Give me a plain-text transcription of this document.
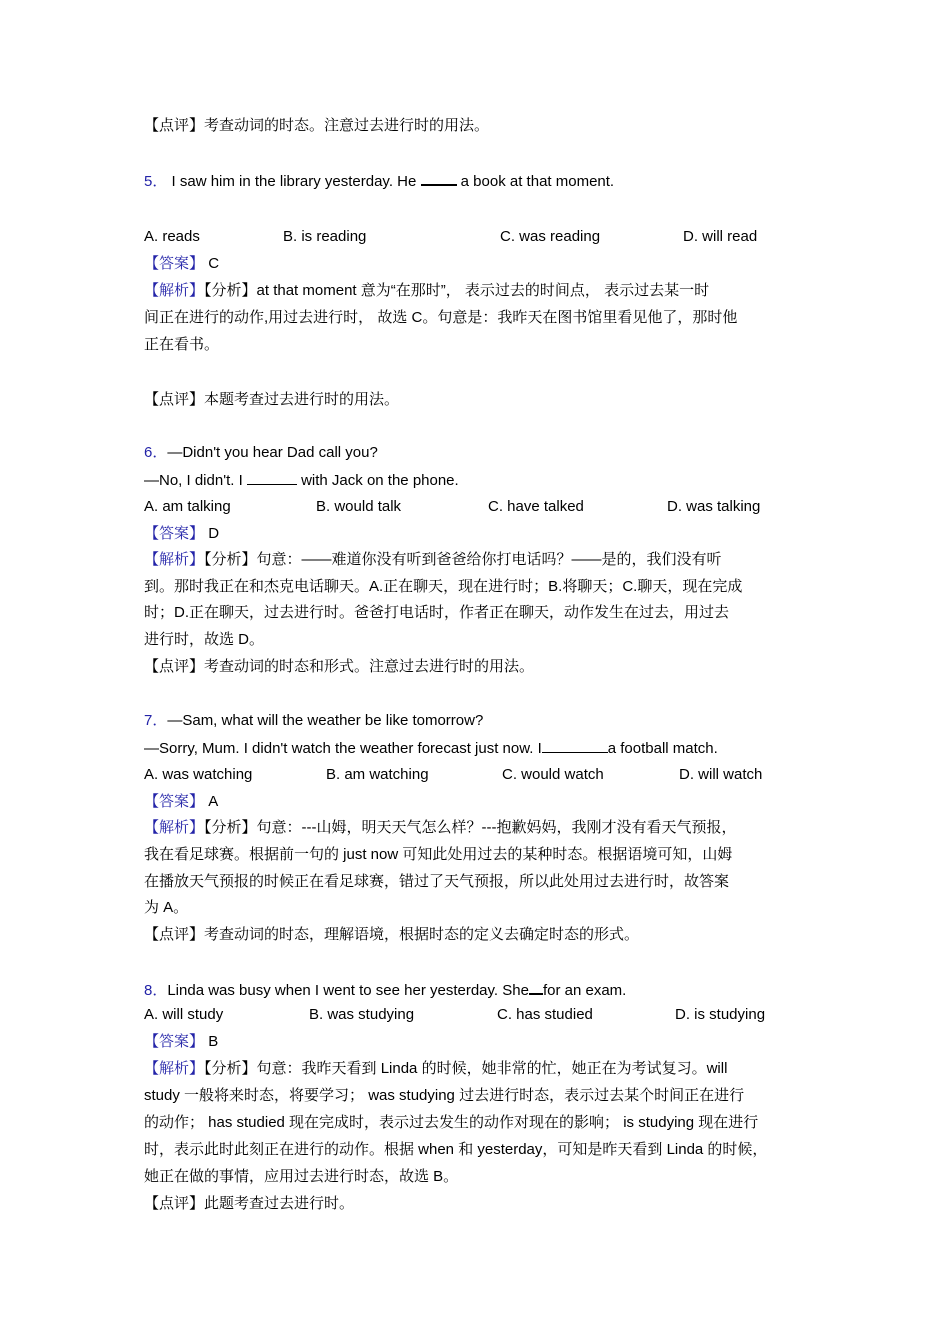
【点评】考查动词的时态。注意过去进行时的用法。
5． I saw him in the library yesterday. He	a book at that moment.
A. reads	B. is reading	C. was reading	D. will read
【答案】 C
【解析】【分析】at that moment 意为“在那时”， 表示过去的时间点， 表示过去某一时
间正在进行的动作,用过去进行时， 故选 C。句意是：我昨天在图书馆里看见他了，那时他
正在看书。
【点评】本题考查过去进行时的用法。
6．—Didn't you hear Dad call you?
—No, I didn't. I	with Jack on the phone.
A. am talking	B. would talk	C. have talked	D. was talking
【答案】 D
【解析】【分析】句意：——难道你没有听到爸爸给你打电话吗？——是的，我们没有听
到。那时我正在和杰克电话聊天。A.正在聊天，现在进行时；B.将聊天；C.聊天，现在完成
时；D.正在聊天，过去进行时。爸爸打电话时，作者正在聊天，动作发生在过去，用过去
进行时，故选 D。
【点评】考查动词的时态和形式。注意过去进行时的用法。
7．—Sam, what will the weather be like tomorrow?
—Sorry, Mum. I didn't watch the weather forecast just now. I	a football match.
A. was watching	B. am watching	C. would watch	D. will watch
【答案】 A
【解析】【分析】句意：---山姆，明天天气怎么样？---抱歉妈妈，我刚才没有看天气预报，
我在看足球赛。根据前一句的 just now 可知此处用过去的某种时态。根据语境可知，山姆
在播放天气预报的时候正在看足球赛，错过了天气预报，所以此处用过去进行时，故答案
为 A。
【点评】考查动词的时态，理解语境，根据时态的定义去确定时态的形式。
8．Linda was busy when I went to see her yesterday. She for an exam.
A. will study	B. was studying	C. has studied	D. is studying
【答案】 B
【解析】【分析】句意：我昨天看到 Linda 的时候，她非常的忙，她正在为考试复习。will
study 一般将来时态，将要学习； was studying 过去进行时态，表示过去某个时间正在进行
的动作； has studied 现在完成时，表示过去发生的动作对现在的影响； is studying 现在进行
时，表示此时此刻正在进行的动作。根据 when 和 yesterday，可知是昨天看到 Linda 的时候，
她正在做的事情，应用过去进行时态，故选 B。
【点评】此题考查过去进行时。
